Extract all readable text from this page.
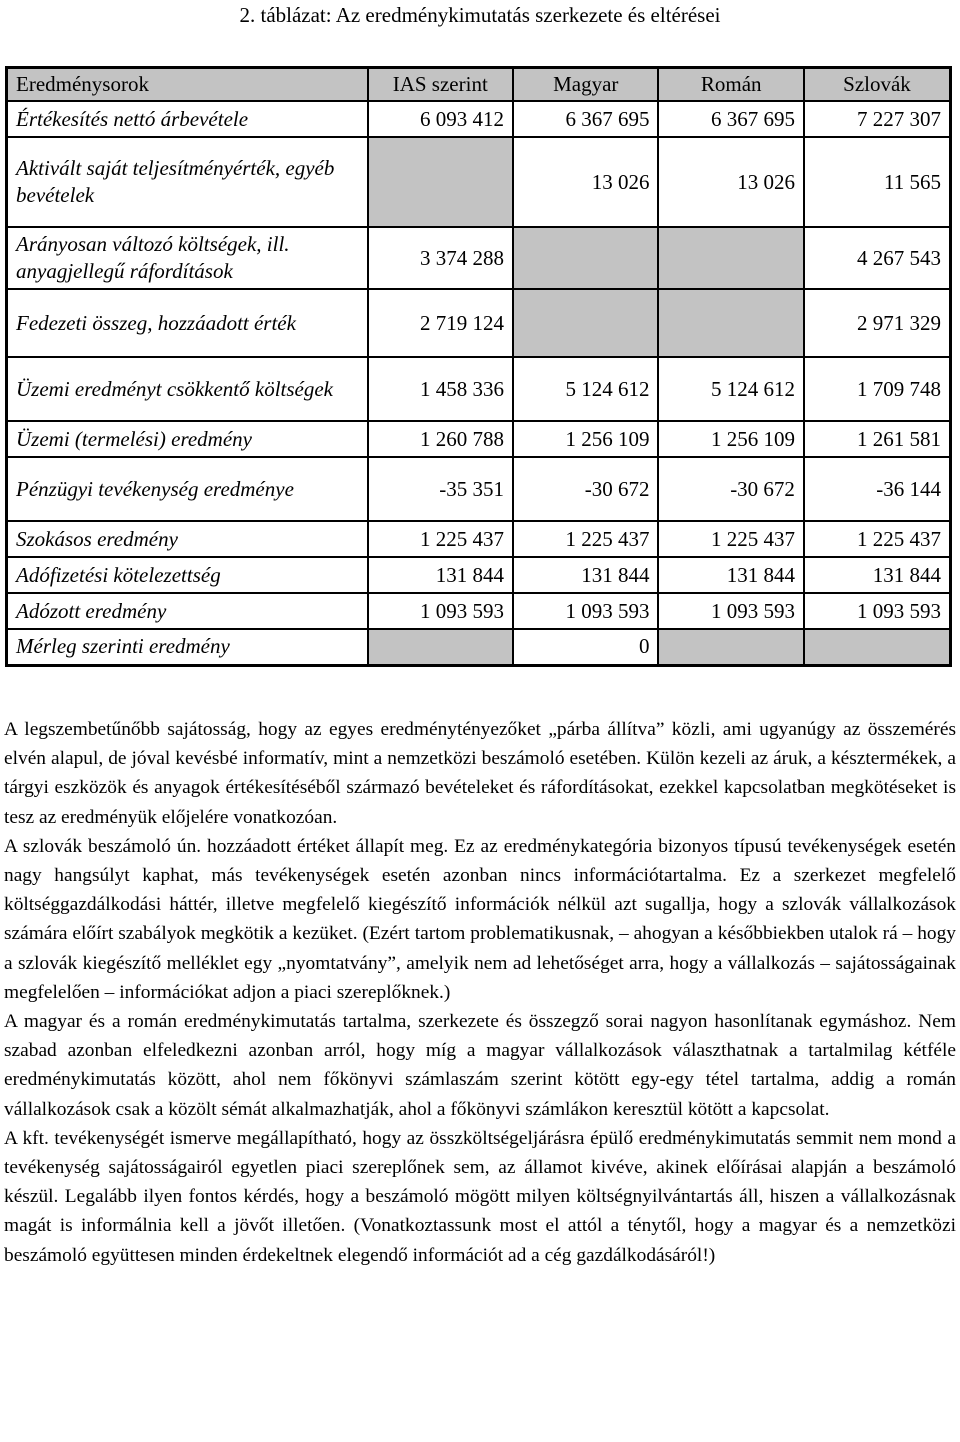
2. táblázat: Az eredménykimutatás szerkezete és eltérései
Eredménysorok	IAS szerint	Magyar	Román	Szlovák
Értékesítés nettó árbevétele	6 093 412	6 367 695	6 367 695	7 227 307
Aktivált saját teljesítményérték, egyéb bevételek		13 026	13 026	11 565
Arányosan változó költségek, ill. anyagjellegű ráfordítások	3 374 288			4 267 543
Fedezeti összeg, hozzáadott érték	2 719 124			2 971 329
Üzemi eredményt csökkentő költségek	1 458 336	5 124 612	5 124 612	1 709 748
Üzemi (termelési) eredmény	1 260 788	1 256 109	1 256 109	1 261 581
Pénzügyi tevékenység eredménye	-35 351	-30 672	-30 672	-36 144
Szokásos eredmény	1 225 437	1 225 437	1 225 437	1 225 437
Adófizetési kötelezettség	131 844	131 844	131 844	131 844
Adózott eredmény	1 093 593	1 093 593	1 093 593	1 093 593
Mérleg szerinti eredmény		0		

A legszembetűnőbb sajátosság, hogy az egyes eredménytényezőket „párba állítva” közli, ami ugyanúgy az összemérés elvén alapul, de jóval kevésbé informatív, mint a nemzetközi beszámoló esetében. Külön kezeli az áruk, a késztermékek, a tárgyi eszközök és anyagok értékesítéséből származó bevételeket és ráfordításokat, ezekkel kapcsolatban megkötéseket is tesz az eredményük előjelére vonatkozóan.

A szlovák beszámoló ún. hozzáadott értéket állapít meg. Ez az eredménykategória bizonyos típusú tevékenységek esetén nagy hangsúlyt kaphat, más tevékenységek esetén azonban nincs információtartalma. Ez a szerkezet megfelelő költséggazdálkodási háttér, illetve megfelelő kiegészítő információk nélkül azt sugallja, hogy a szlovák vállalkozások számára előírt szabályok megkötik a kezüket. (Ezért tartom problematikusnak, – ahogyan a későbbiekben utalok rá – hogy a szlovák kiegészítő melléklet egy „nyomtatvány”, amelyik nem ad lehetőséget arra, hogy a vállalkozás – sajátosságainak megfelelően – információkat adjon a piaci szereplőknek.)

A magyar és a román eredménykimutatás tartalma, szerkezete és összegző sorai nagyon hasonlítanak egymáshoz. Nem szabad azonban elfeledkezni azonban arról, hogy míg a magyar vállalkozások választhatnak a tartalmilag kétféle eredménykimutatás között, ahol nem főkönyvi számlaszám szerint kötött egy-egy tétel tartalma, addig a román vállalkozások csak a közölt sémát alkalmazhatják, ahol a főkönyvi számlákon keresztül kötött a kapcsolat.

A kft. tevékenységét ismerve megállapítható, hogy az összköltségeljárásra épülő eredménykimutatás semmit nem mond a tevékenység sajátosságairól egyetlen piaci szereplőnek sem, az államot kivéve, akinek előírásai alapján a beszámoló készül. Legalább ilyen fontos kérdés, hogy a beszámoló mögött milyen költségnyilvántartás áll, hiszen a vállalkozásnak magát is informálnia kell a jövőt illetően. (Vonatkoztassunk most el attól a ténytől, hogy a magyar és a nemzetközi beszámoló együttesen minden érdekeltnek elegendő információt ad a cég gazdálkodásáról!)
